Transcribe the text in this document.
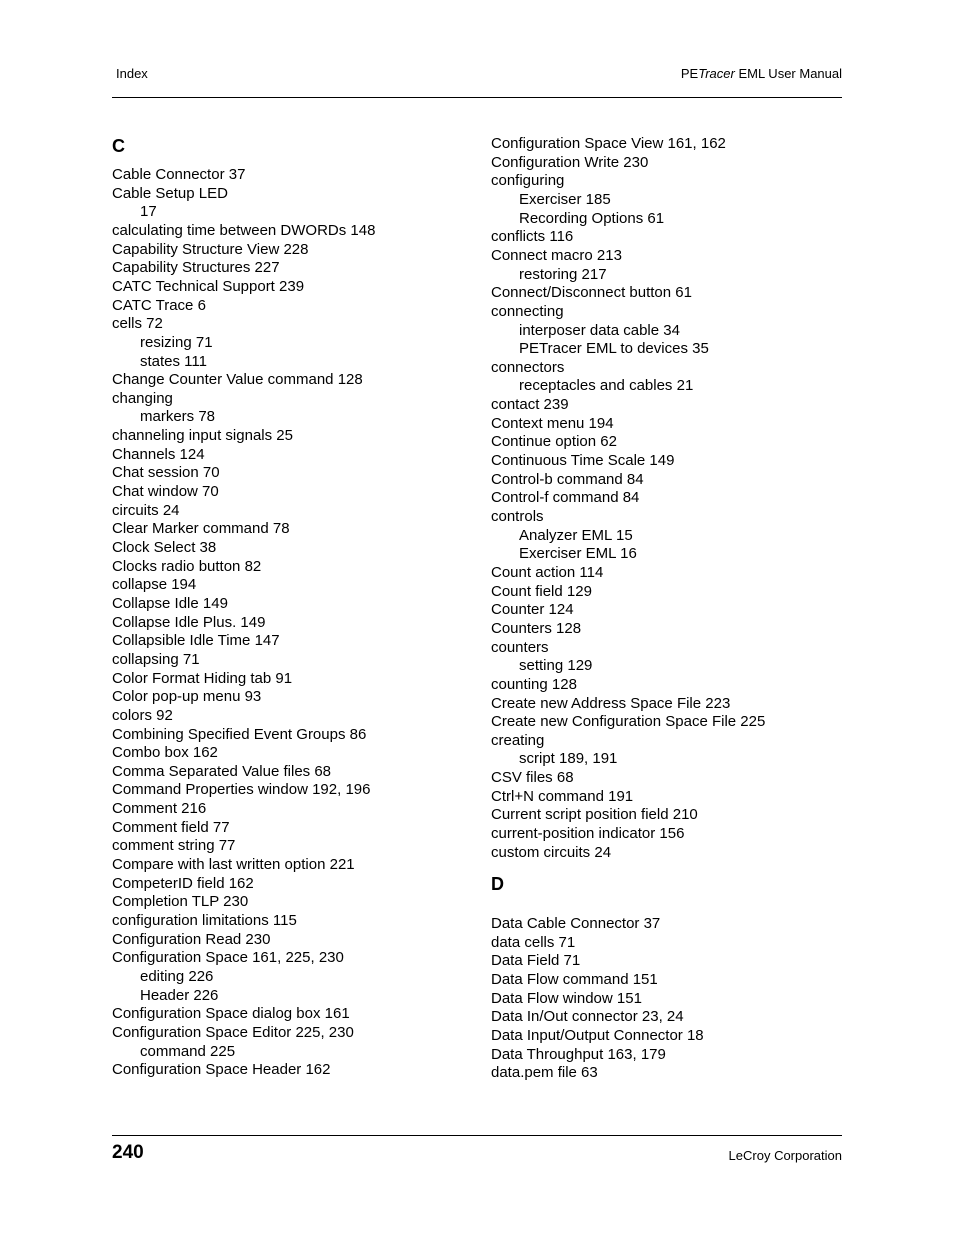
Index	PETracer EML User Manual
C
Cable Connector 37
Cable Setup LED
17
calculating time between DWORDs 148
Capability Structure View 228
Capability Structures 227
CATC Technical Support 239
CATC Trace 6
cells 72
resizing 71
states 111
Change Counter Value command 128
changing
markers 78
channeling input signals 25
Channels 124
Chat session 70
Chat window 70
circuits 24
Clear Marker command 78
Clock Select 38
Clocks radio button 82
collapse 194
Collapse Idle 149
Collapse Idle Plus. 149
Collapsible Idle Time 147
collapsing 71
Color Format Hiding tab 91
Color pop-up menu 93
colors 92
Combining Specified Event Groups 86
Combo box 162
Comma Separated Value files 68
Command Properties window 192, 196
Comment 216
Comment field 77
comment string 77
Compare with last written option 221
CompeterID field 162
Completion TLP 230
configuration limitations 115
Configuration Read 230
Configuration Space 161, 225, 230
editing 226
Header 226
Configuration Space dialog box 161
Configuration Space Editor 225, 230
command 225
Configuration Space Header 162
D
Configuration Space View 161, 162
Configuration Write 230
configuring
Exerciser 185
Recording Options 61
conflicts 116
Connect macro 213
restoring 217
Connect/Disconnect button 61
connecting
interposer data cable 34
PETracer EML to devices 35
connectors
receptacles and cables 21
contact 239
Context menu 194
Continue option 62
Continuous Time Scale 149
Control-b command 84
Control-f command 84
controls
Analyzer EML 15
Exerciser EML 16
Count action 114
Count field 129
Counter 124
Counters 128
counters
setting 129
counting 128
Create new Address Space File 223
Create new Configuration Space File 225
creating
script 189, 191
CSV files 68
Ctrl+N command 191
Current script position field 210
current-position indicator 156
custom circuits 24
Data Cable Connector 37
data cells 71
Data Field 71
Data Flow command 151
Data Flow window 151
Data In/Out connector 23, 24
Data Input/Output Connector 18
Data Throughput 163, 179
data.pem file 63
240	LeCroy Corporation
